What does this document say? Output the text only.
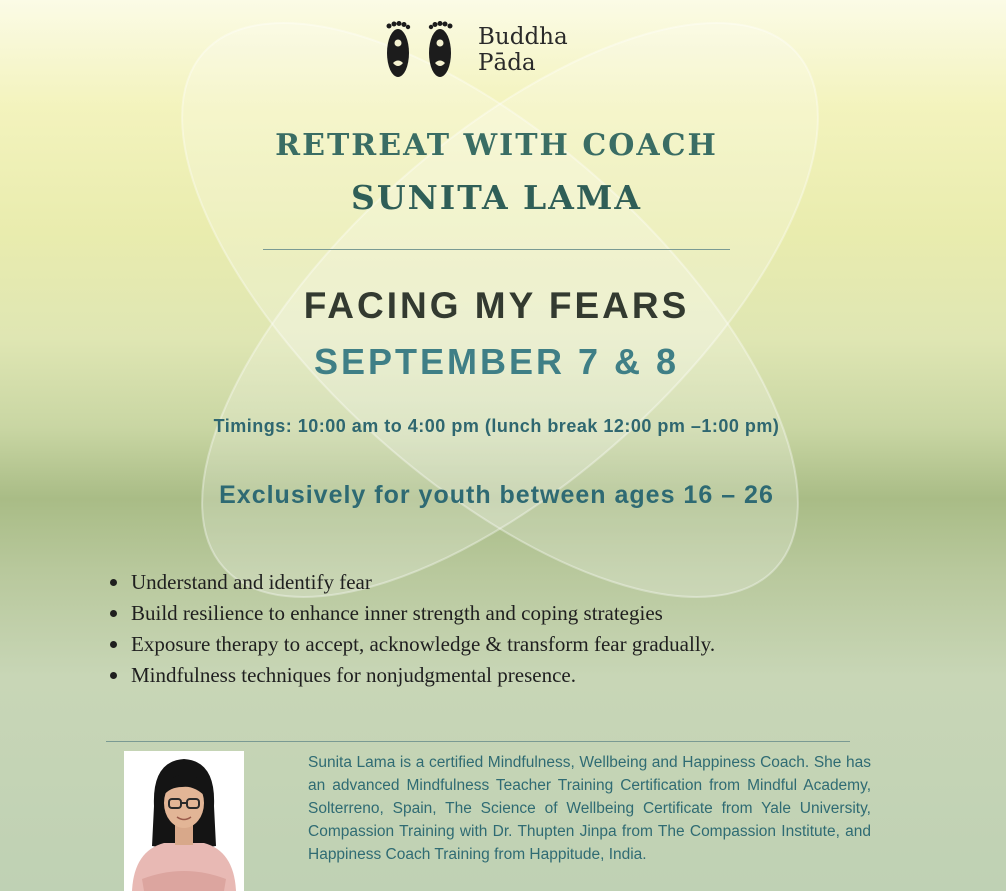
Buddha
Pāda
RETREAT WITH COACH
SUNITA LAMA
FACING MY FEARS
SEPTEMBER 7 & 8
Timings: 10:00 am to 4:00 pm (lunch break 12:00 pm –1:00 pm)
Exclusively for youth between ages 16 – 26
Understand and identify fear
Build resilience to enhance inner strength and coping strategies
Exposure therapy to accept, acknowledge & transform fear gradually.
Mindfulness techniques for nonjudgmental presence.
Sunita Lama is a certified Mindfulness, Wellbeing and Happiness Coach. She has an advanced Mindfulness Teacher Training Certification from Mindful Academy, Solterreno, Spain, The Science of Wellbeing Certificate from Yale University, Compassion Training with Dr. Thupten Jinpa from The Compassion Institute, and Happiness Coach Training from Happitude, India.
